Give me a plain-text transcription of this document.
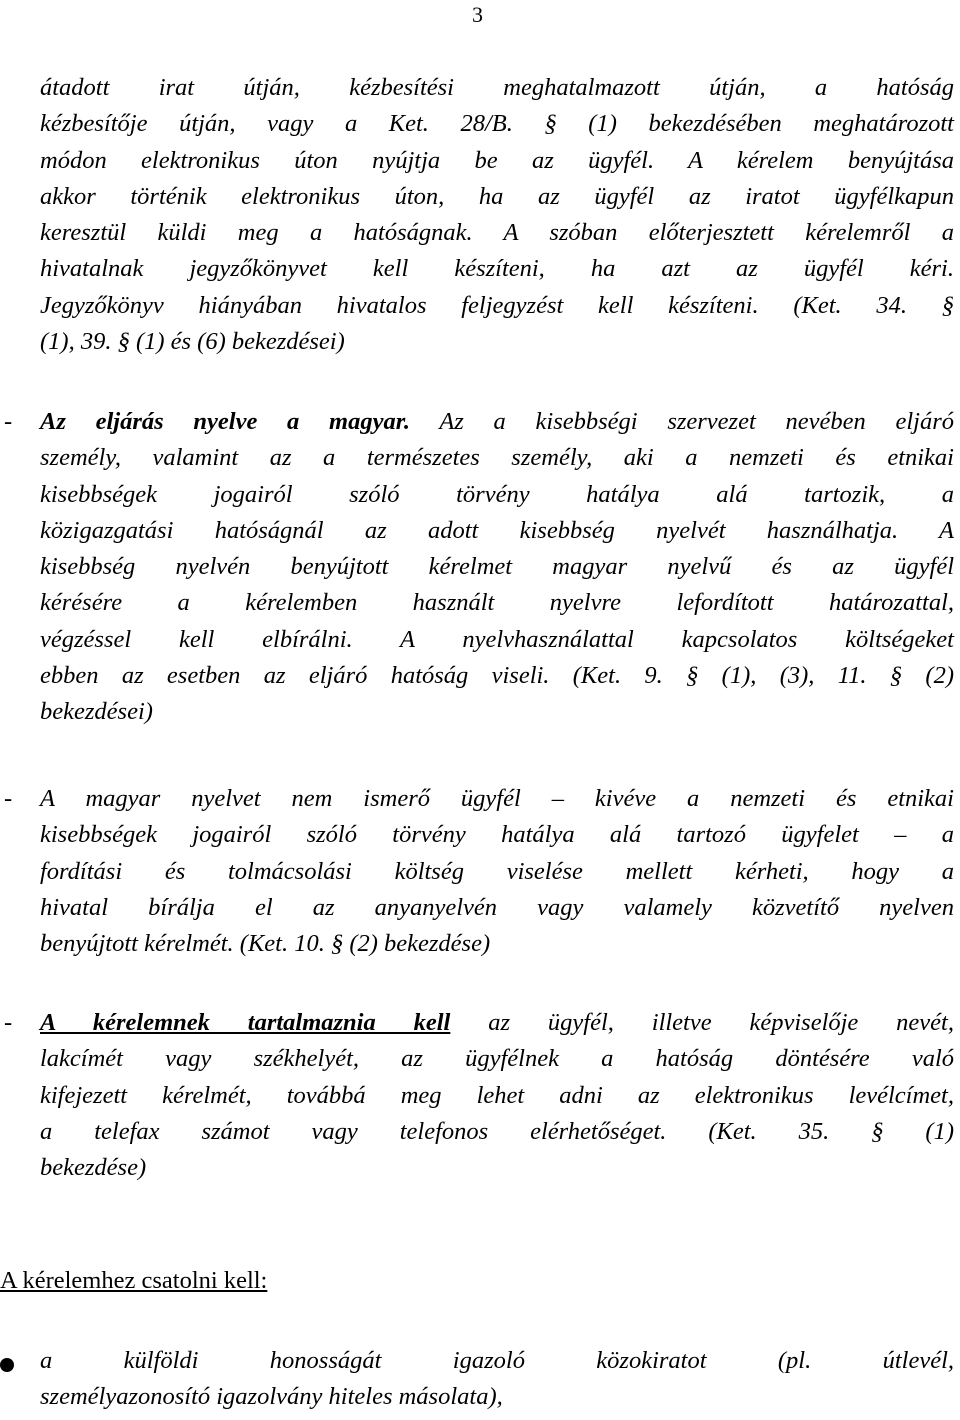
3
átadott irat útján, kézbesítési meghatalmazott útján, a hatóság
kézbesítője útján, vagy a Ket. 28/B. § (1) bekezdésében meghatározott
módon elektronikus úton nyújtja be az ügyfél. A kérelem benyújtása
akkor történik elektronikus úton, ha az ügyfél az iratot ügyfélkapun
keresztül küldi meg a hatóságnak. A szóban előterjesztett kérelemről a
hivatalnak jegyzőkönyvet kell készíteni, ha azt az ügyfél kéri.
Jegyzőkönyv hiányában hivatalos feljegyzést kell készíteni. (Ket. 34. §
(1), 39. § (1) és (6) bekezdései)
- Az eljárás nyelve a magyar. Az a kisebbségi szervezet nevében eljáró
személy, valamint az a természetes személy, aki a nemzeti és etnikai
kisebbségek jogairól szóló törvény hatálya alá tartozik, a
közigazgatási hatóságnál az adott kisebbség nyelvét használhatja. A
kisebbség nyelvén benyújtott kérelmet magyar nyelvű és az ügyfél
kérésére a kérelemben használt nyelvre lefordított határozattal,
végzéssel kell elbírálni. A nyelvhasználattal kapcsolatos költségeket
ebben az esetben az eljáró hatóság viseli. (Ket. 9. § (1), (3), 11. § (2)
bekezdései)
- A magyar nyelvet nem ismerő ügyfél – kivéve a nemzeti és etnikai
kisebbségek jogairól szóló törvény hatálya alá tartozó ügyfelet – a
fordítási és tolmácsolási költség viselése mellett kérheti, hogy a
hivatal bírálja el az anyanyelvén vagy valamely közvetítő nyelven
benyújtott kérelmét. (Ket. 10. § (2) bekezdése)
- A kérelemnek tartalmaznia kell az ügyfél, illetve képviselője nevét,
lakcímét vagy székhelyét, az ügyfélnek a hatóság döntésére való
kifejezett kérelmét, továbbá meg lehet adni az elektronikus levélcímet,
a telefax számot vagy telefonos elérhetőséget. (Ket. 35. § (1)
bekezdése)
A kérelemhez csatolni kell:
a külföldi honosságát igazoló közokiratot (pl. útlevél,
személyazonosító igazolvány hiteles másolata),
